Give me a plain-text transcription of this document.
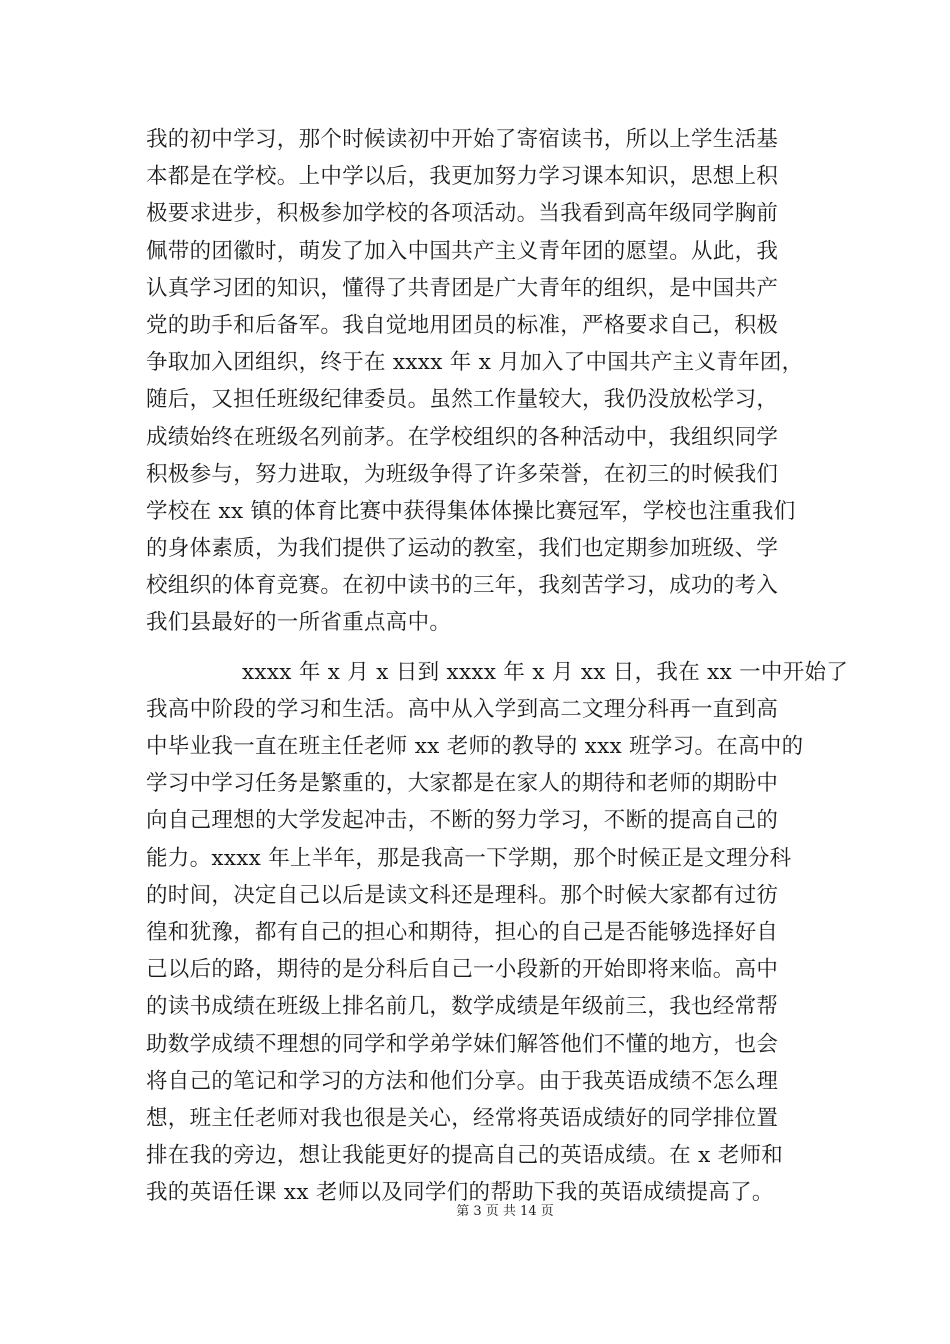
我的初中学习，那个时候读初中开始了寄宿读书，所以上学生活基
本都是在学校。上中学以后，我更加努力学习课本知识，思想上积
极要求进步，积极参加学校的各项活动。当我看到高年级同学胸前
佩带的团徽时，萌发了加入中国共产主义青年团的愿望。从此，我
认真学习团的知识，懂得了共青团是广大青年的组织，是中国共产
党的助手和后备军。我自觉地用团员的标准，严格要求自己，积极
争取加入团组织，终于在 xxxx 年 x 月加入了中国共产主义青年团，
随后，又担任班级纪律委员。虽然工作量较大，我仍没放松学习，
成绩始终在班级名列前茅。在学校组织的各种活动中，我组织同学
积极参与，努力进取，为班级争得了许多荣誉，在初三的时候我们
学校在 xx 镇的体育比赛中获得集体体操比赛冠军，学校也注重我们
的身体素质，为我们提供了运动的教室，我们也定期参加班级、学
校组织的体育竞赛。在初中读书的三年，我刻苦学习，成功的考入
我们县最好的一所省重点高中。
xxxx 年 x 月 x 日到 xxxx 年 x 月 xx 日，我在 xx 一中开始了
我高中阶段的学习和生活。高中从入学到高二文理分科再一直到高
中毕业我一直在班主任老师 xx 老师的教导的 xxx 班学习。在高中的
学习中学习任务是繁重的，大家都是在家人的期待和老师的期盼中
向自己理想的大学发起冲击，不断的努力学习，不断的提高自己的
能力。xxxx 年上半年，那是我高一下学期，那个时候正是文理分科
的时间，决定自己以后是读文科还是理科。那个时候大家都有过彷
徨和犹豫，都有自己的担心和期待，担心的自己是否能够选择好自
己以后的路，期待的是分科后自己一小段新的开始即将来临。高中
的读书成绩在班级上排名前几，数学成绩是年级前三，我也经常帮
助数学成绩不理想的同学和学弟学妹们解答他们不懂的地方，也会
将自己的笔记和学习的方法和他们分享。由于我英语成绩不怎么理
想，班主任老师对我也很是关心，经常将英语成绩好的同学排位置
排在我的旁边，想让我能更好的提高自己的英语成绩。在 x 老师和
我的英语任课 xx 老师以及同学们的帮助下我的英语成绩提高了。
第 3 页 共 14 页
